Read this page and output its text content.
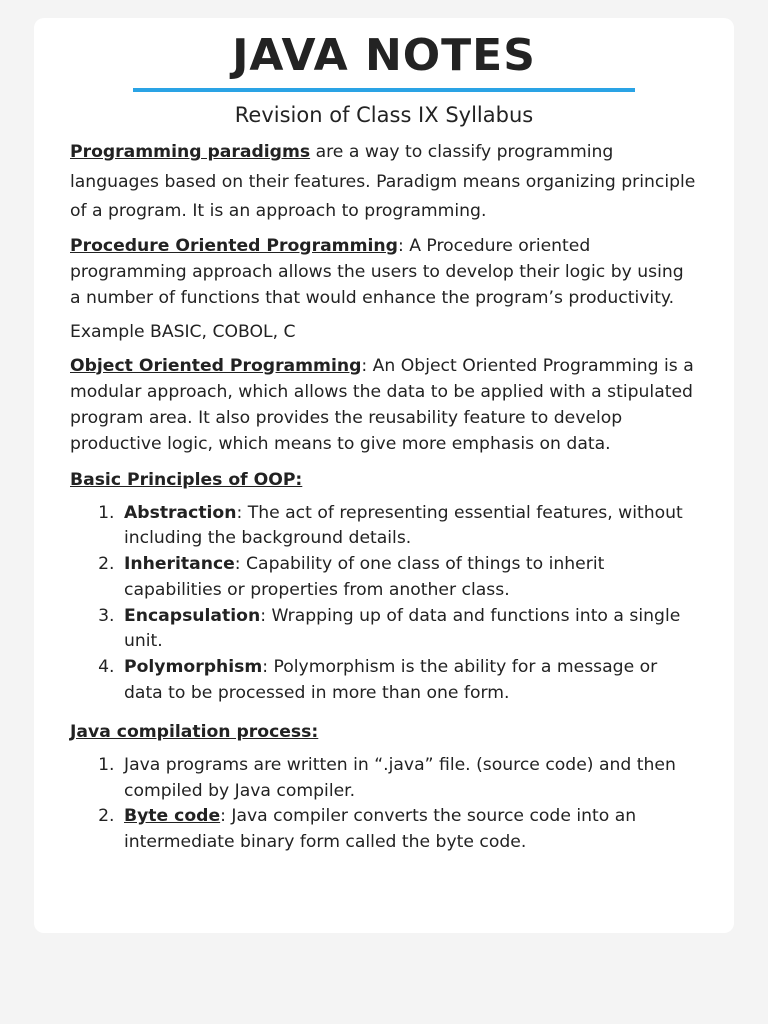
JAVA NOTES
Revision of Class IX Syllabus

Programming paradigms are a way to classify programming languages based on their features. Paradigm means organizing principle of a program. It is an approach to programming.

Procedure Oriented Programming: A Procedure oriented programming approach allows the users to develop their logic by using a number of functions that would enhance the program’s productivity.

Example BASIC, COBOL, C

Object Oriented Programming: An Object Oriented Programming is a modular approach, which allows the data to be applied with a stipulated program area. It also provides the reusability feature to develop productive logic, which means to give more emphasis on data.

Basic Principles of OOP:

1. Abstraction: The act of representing essential features, without including the background details.
2. Inheritance: Capability of one class of things to inherit capabilities or properties from another class.
3. Encapsulation: Wrapping up of data and functions into a single unit.
4. Polymorphism: Polymorphism is the ability for a message or data to be processed in more than one form.

Java compilation process:

1. Java programs are written in “.java” file. (source code) and then compiled by Java compiler.
2. Byte code: Java compiler converts the source code into an intermediate binary form called the byte code.
